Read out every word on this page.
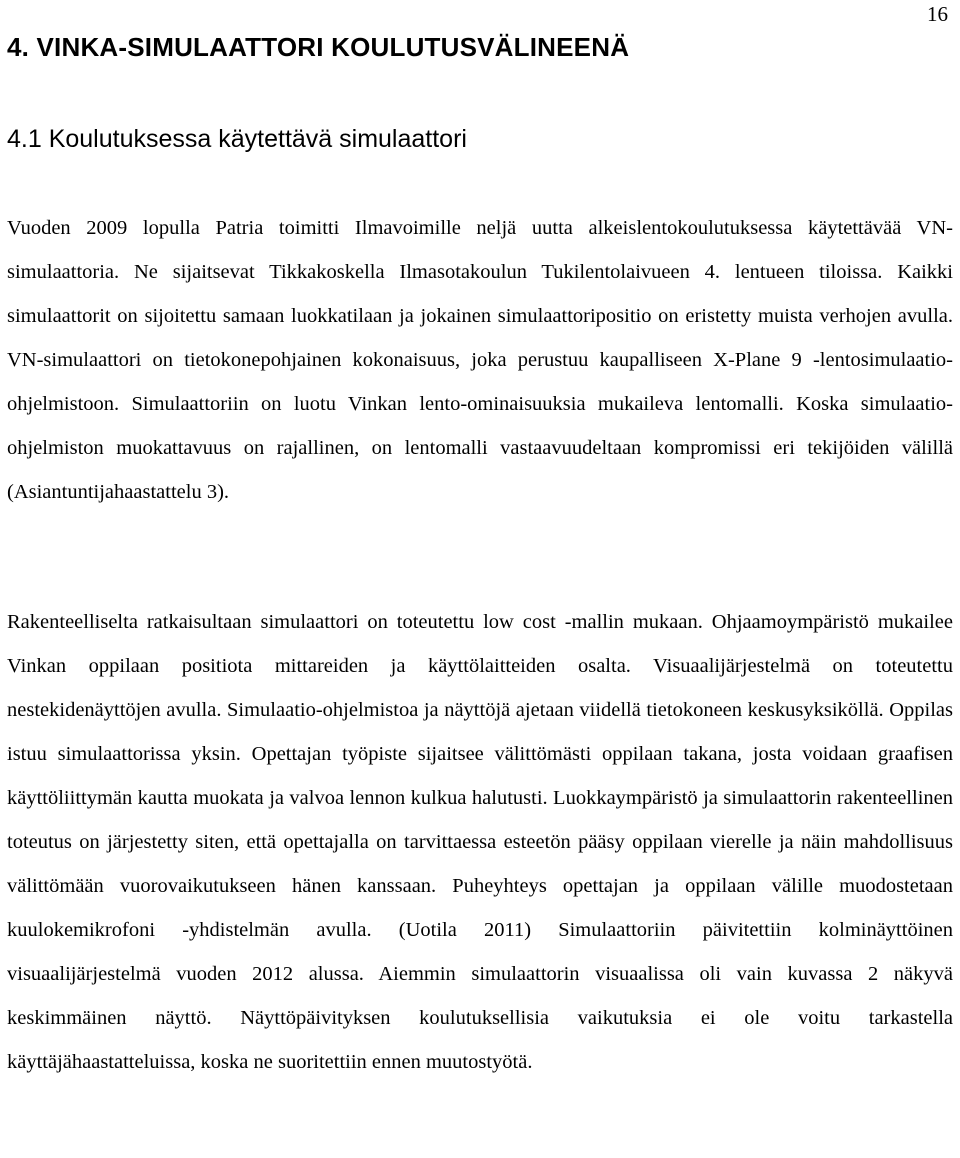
16
4. VINKA-SIMULAATTORI KOULUTUSVÄLINEENÄ
4.1 Koulutuksessa käytettävä simulaattori

Vuoden 2009 lopulla Patria toimitti Ilmavoimille neljä uutta alkeislentokoulutuksessa käytettävää VN-simulaattoria. Ne sijaitsevat Tikkakoskella Ilmasotakoulun Tukilentolaivueen 4. lentueen tiloissa. Kaikki simulaattorit on sijoitettu samaan luokkatilaan ja jokainen simulaattoripositio on eristetty muista verhojen avulla. VN-simulaattori on tietokonepohjainen kokonaisuus, joka perustuu kaupalliseen X-Plane 9 -lentosimulaatio-ohjelmistoon. Simulaattoriin on luotu Vinkan lento-ominaisuuksia mukaileva lentomalli. Koska simulaatio-ohjelmiston muokattavuus on rajallinen, on lentomalli vastaavuudeltaan kompromissi eri tekijöiden välillä (Asiantuntijahaastattelu 3).

Rakenteelliselta ratkaisultaan simulaattori on toteutettu low cost -mallin mukaan. Ohjaamoympäristö mukailee Vinkan oppilaan positiota mittareiden ja käyttölaitteiden osalta. Visuaalijärjestelmä on toteutettu nestekidenäyttöjen avulla. Simulaatio-ohjelmistoa ja näyttöjä ajetaan viidellä tietokoneen keskusyksiköllä. Oppilas istuu simulaattorissa yksin. Opettajan työpiste sijaitsee välittömästi oppilaan takana, josta voidaan graafisen käyttöliittymän kautta muokata ja valvoa lennon kulkua halutusti. Luokkaympäristö ja simulaattorin rakenteellinen toteutus on järjestetty siten, että opettajalla on tarvittaessa esteetön pääsy oppilaan vierelle ja näin mahdollisuus välittömään vuorovaikutukseen hänen kanssaan. Puheyhteys opettajan ja oppilaan välille muodostetaan kuulokemikrofoni -yhdistelmän avulla. (Uotila 2011) Simulaattoriin päivitettiin kolminäyttöinen visuaalijärjestelmä vuoden 2012 alussa. Aiemmin simulaattorin visuaalissa oli vain kuvassa 2 näkyvä keskimmäinen näyttö. Näyttöpäivityksen koulutuksellisia vaikutuksia ei ole voitu tarkastella käyttäjähaastatteluissa, koska ne suoritettiin ennen muutostyötä.
